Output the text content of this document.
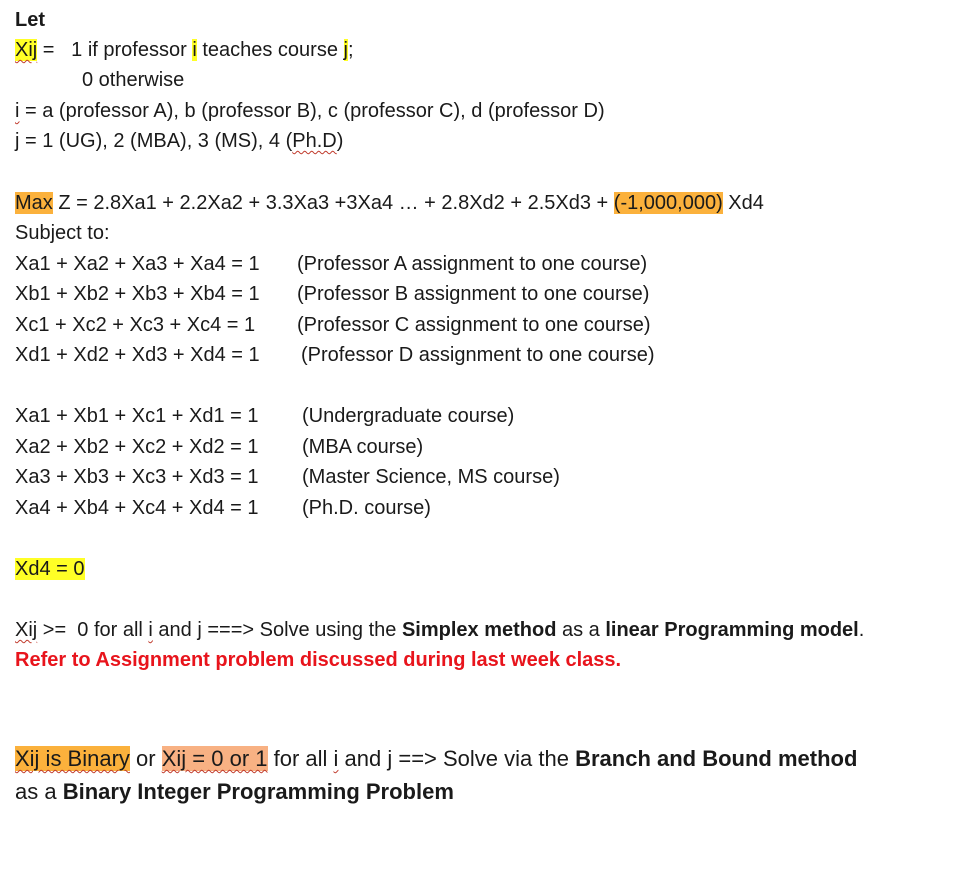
Let
Xij =   1 if professor i teaches course j;
0 otherwise
i = a (professor A), b (professor B), c (professor C), d (professor D)
j = 1 (UG), 2 (MBA), 3 (MS), 4 (Ph.D)
Max Z = 2.8Xa1 + 2.2Xa2 + 3.3Xa3 +3Xa4 … + 2.8Xd2 + 2.5Xd3 + (-1,000,000) Xd4
Subject to:
Xa1 + Xa2 + Xa3 + Xa4 = 1 (Professor A assignment to one course)
Xb1 + Xb2 + Xb3 + Xb4 = 1 (Professor B assignment to one course)
Xc1 + Xc2 + Xc3 + Xc4 = 1 (Professor C assignment to one course)
Xd1 + Xd2 + Xd3 + Xd4 = 1 (Professor D assignment to one course)
Xa1 + Xb1 + Xc1 + Xd1 = 1 (Undergraduate course)
Xa2 + Xb2 + Xc2 + Xd2 = 1 (MBA course)
Xa3 + Xb3 + Xc3 + Xd3 = 1 (Master Science, MS course)
Xa4 + Xb4 + Xc4 + Xd4 = 1 (Ph.D. course)
Xd4 = 0
Xij >=  0 for all i and j ===> Solve using the Simplex method as a linear Programming model.
Refer to Assignment problem discussed during last week class.
Xij is Binary or Xij = 0 or 1 for all i and j ==> Solve via the Branch and Bound method
as a Binary Integer Programming Problem
